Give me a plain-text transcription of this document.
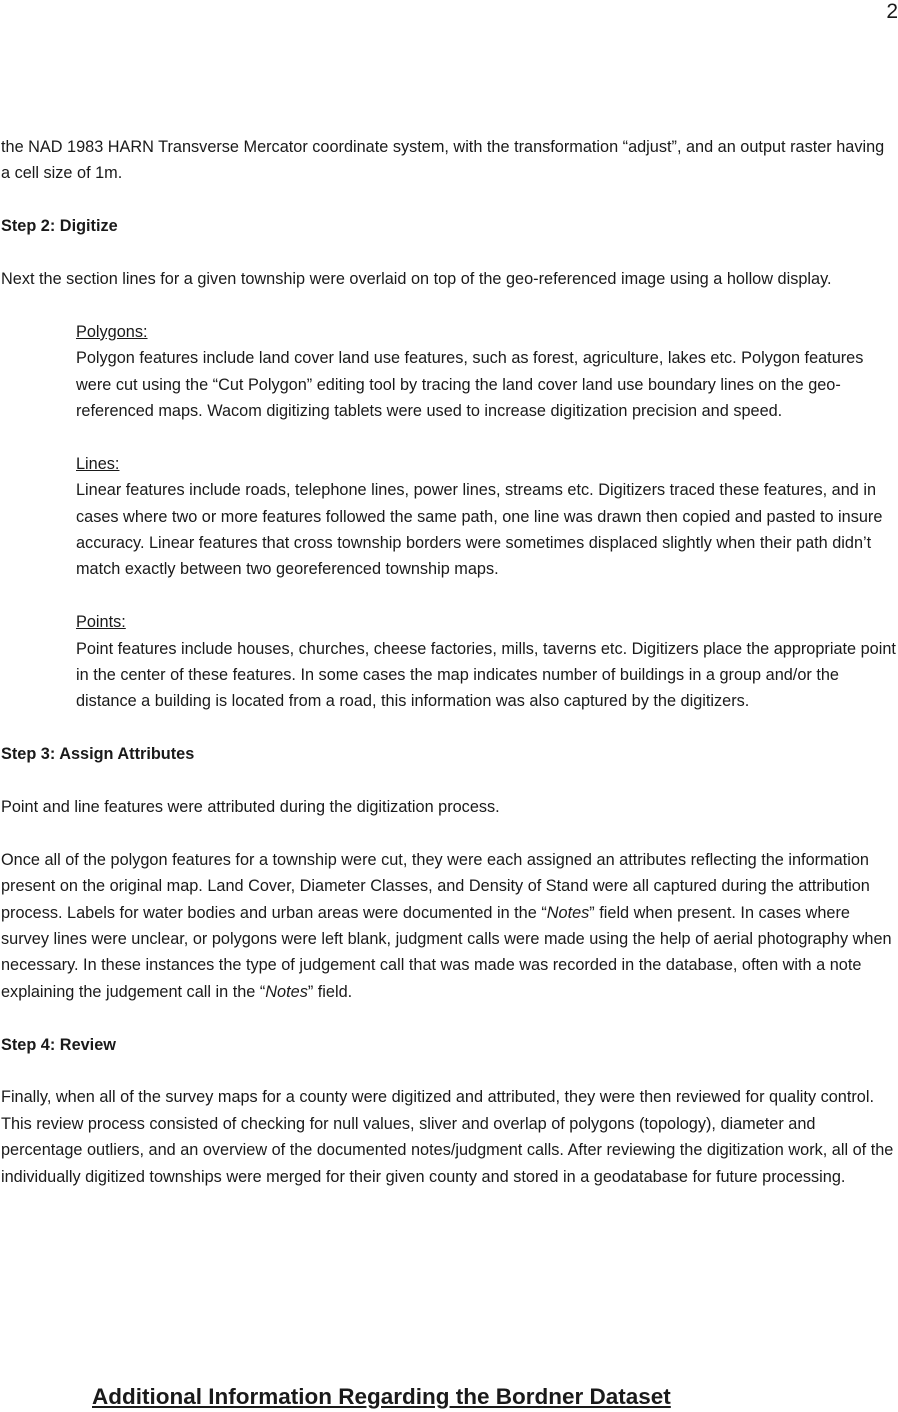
2

the NAD 1983 HARN Transverse Mercator coordinate system, with the transformation “adjust”, and an output raster having a cell size of 1m.

Step 2: Digitize

Next the section lines for a given township were overlaid on top of the geo-referenced image using a hollow display.

Polygons:

Polygon features include land cover land use features, such as forest, agriculture, lakes etc. Polygon features were cut using the “Cut Polygon” editing tool by tracing the land cover land use boundary lines on the geo-referenced maps. Wacom digitizing tablets were used to increase digitization precision and speed.

Lines:

Linear features include roads, telephone lines, power lines, streams etc. Digitizers traced these features, and in cases where two or more features followed the same path, one line was drawn then copied and pasted to insure accuracy. Linear features that cross township borders were sometimes displaced slightly when their path didn’t match exactly between two georeferenced township maps.

Points:

Point features include houses, churches, cheese factories, mills, taverns etc. Digitizers place the appropriate point in the center of these features. In some cases the map indicates number of buildings in a group and/or the distance a building is located from a road, this information was also captured by the digitizers.

Step 3: Assign Attributes

Point and line features were attributed during the digitization process.

Once all of the polygon features for a township were cut, they were each assigned an attributes reflecting the information present on the original map. Land Cover, Diameter Classes, and Density of Stand were all captured during the attribution process. Labels for water bodies and urban areas were documented in the “Notes” field when present. In cases where survey lines were unclear, or polygons were left blank, judgment calls were made using the help of aerial photography when necessary. In these instances the type of judgement call that was made was recorded in the database, often with a note explaining the judgement call in the “Notes” field.

Step 4: Review

Finally, when all of the survey maps for a county were digitized and attributed, they were then reviewed for quality control. This review process consisted of checking for null values, sliver and overlap of polygons (topology), diameter and percentage outliers, and an overview of the documented notes/judgment calls. After reviewing the digitization work, all of the individually digitized townships were merged for their given county and stored in a geodatabase for future processing.

Additional Information Regarding the Bordner Dataset
